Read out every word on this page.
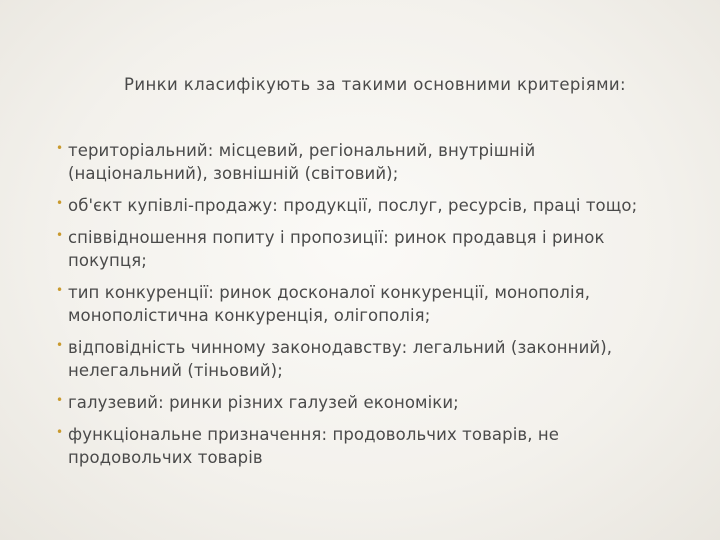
Ринки класифікують за такими основними критеріями:

• територіальний: місцевий, регіональний, внутрішній
(національний), зовнішній (світовий);
• об'єкт купівлі-продажу: продукції, послуг, ресурсів, праці тощо;
• співвідношення попиту і пропозиції: ринок продавця і ринок
покупця;
• тип конкуренції: ринок досконалої конкуренції, монополія,
монополістична конкуренція, олігополія;
• відповідність чинному законодавству: легальний (законний),
нелегальний (тіньовий);
• галузевий: ринки різних галузей економіки;
• функціональне призначення: продовольчих товарів, не
продовольчих товарів
